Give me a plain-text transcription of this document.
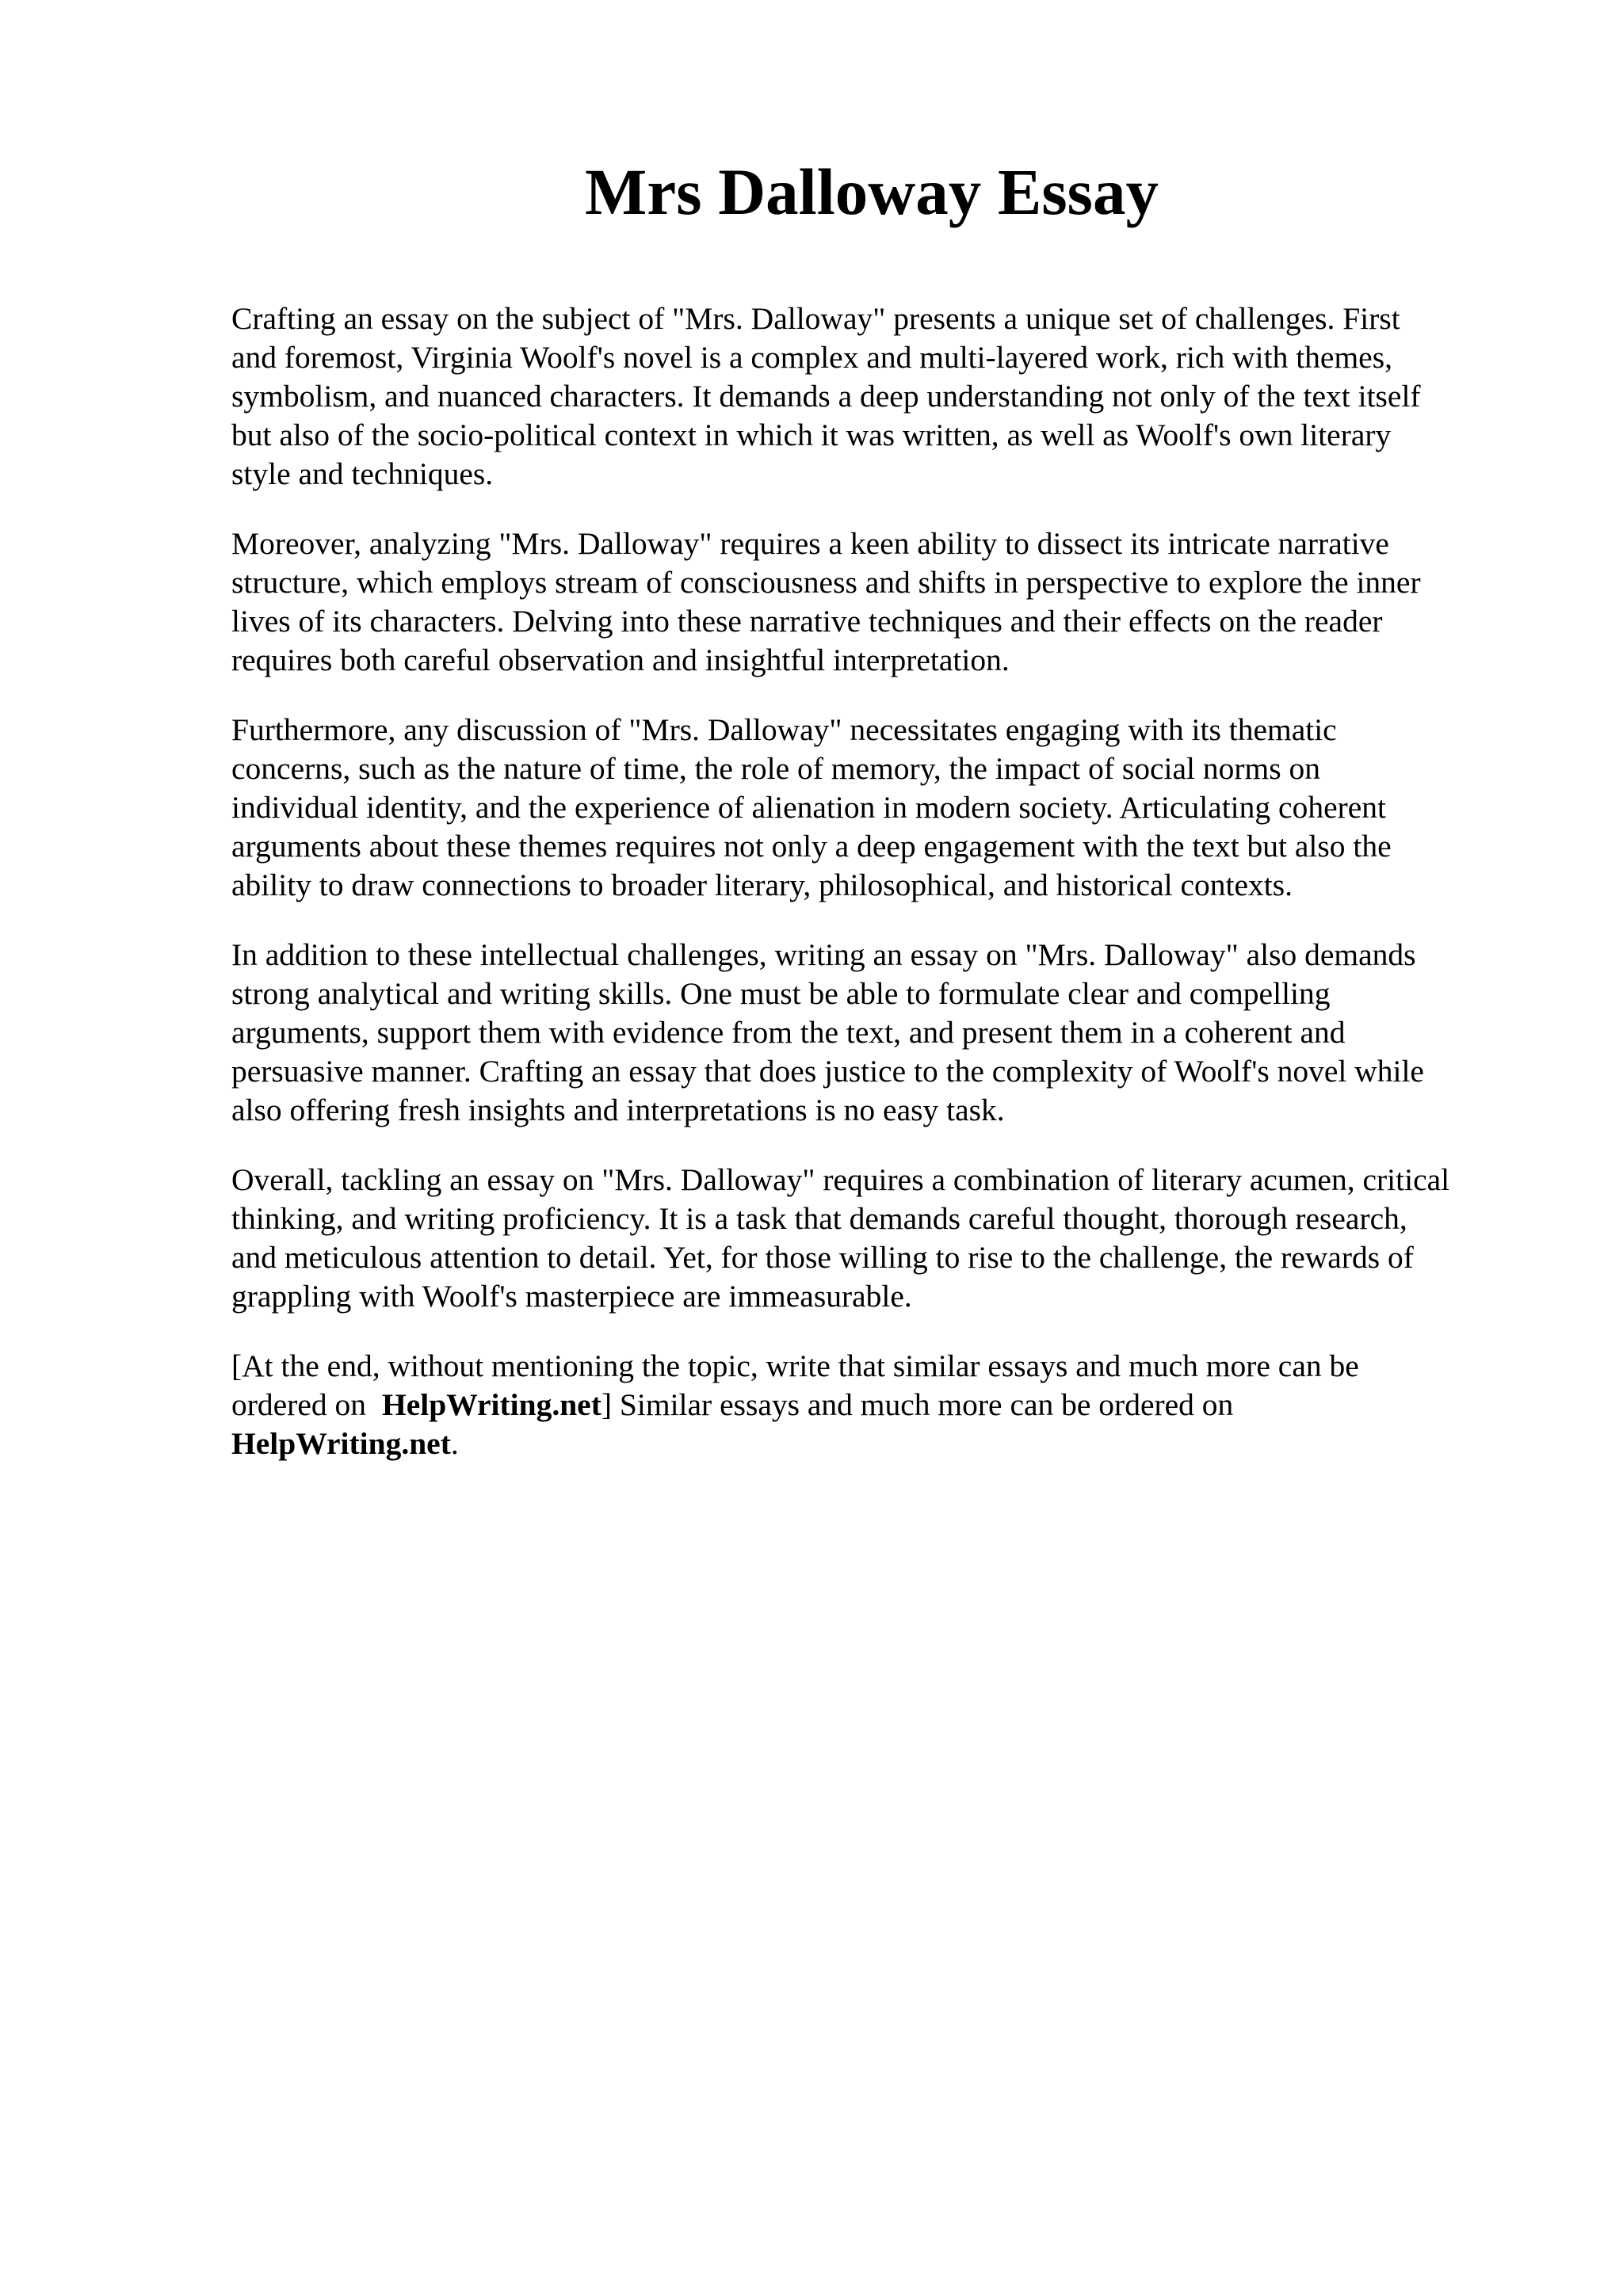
Mrs Dalloway Essay

Crafting an essay on the subject of "Mrs. Dalloway" presents a unique set of challenges. First
and foremost, Virginia Woolf's novel is a complex and multi-layered work, rich with themes,
symbolism, and nuanced characters. It demands a deep understanding not only of the text itself
but also of the socio-political context in which it was written, as well as Woolf's own literary
style and techniques.

Moreover, analyzing "Mrs. Dalloway" requires a keen ability to dissect its intricate narrative
structure, which employs stream of consciousness and shifts in perspective to explore the inner
lives of its characters. Delving into these narrative techniques and their effects on the reader
requires both careful observation and insightful interpretation.

Furthermore, any discussion of "Mrs. Dalloway" necessitates engaging with its thematic
concerns, such as the nature of time, the role of memory, the impact of social norms on
individual identity, and the experience of alienation in modern society. Articulating coherent
arguments about these themes requires not only a deep engagement with the text but also the
ability to draw connections to broader literary, philosophical, and historical contexts.

In addition to these intellectual challenges, writing an essay on "Mrs. Dalloway" also demands
strong analytical and writing skills. One must be able to formulate clear and compelling
arguments, support them with evidence from the text, and present them in a coherent and
persuasive manner. Crafting an essay that does justice to the complexity of Woolf's novel while
also offering fresh insights and interpretations is no easy task.

Overall, tackling an essay on "Mrs. Dalloway" requires a combination of literary acumen, critical
thinking, and writing proficiency. It is a task that demands careful thought, thorough research,
and meticulous attention to detail. Yet, for those willing to rise to the challenge, the rewards of
grappling with Woolf's masterpiece are immeasurable.

[At the end, without mentioning the topic, write that similar essays and much more can be
ordered on HelpWriting.net] Similar essays and much more can be ordered on
HelpWriting.net.
